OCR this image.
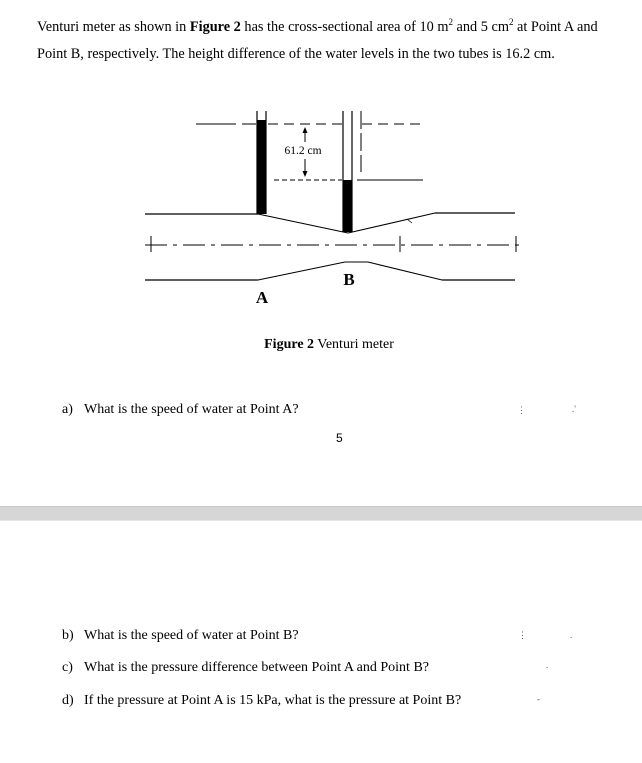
Venturi meter as shown in Figure 2 has the cross-sectional area of 10 $m^2$ and 5 $cm^2$ at Point A and Point B, respectively. The height difference of the water levels in the two tubes is 16.2 cm.

61.2 cm
B
A
Figure 2 Venturi meter
a) What is the speed of water at Point A?
5
⋮	.'
b) What is the speed of water at Point B?
c) What is the pressure difference between Point A and Point B?
d) If the pressure at Point A is 15 kPa, what is the pressure at Point B?
⋮	.
.
-
